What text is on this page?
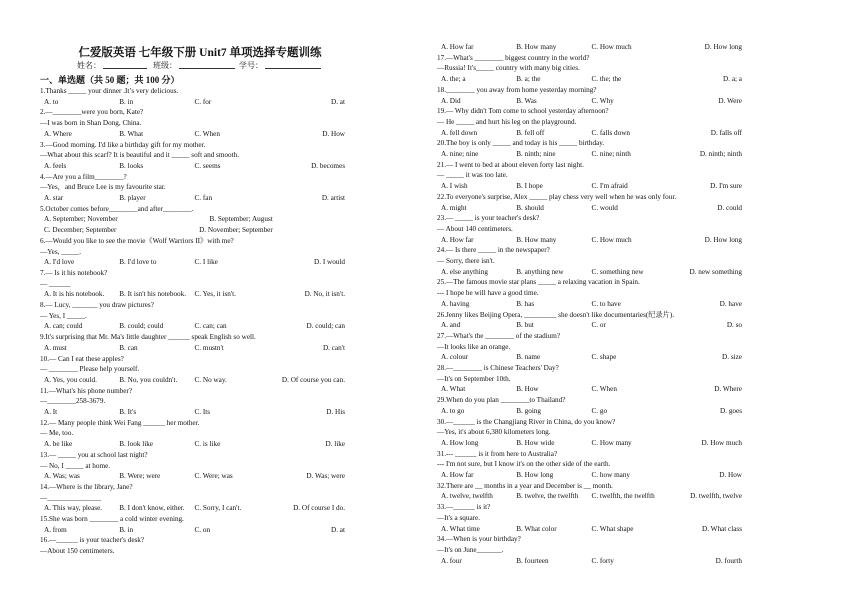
仁爱版英语 七年级下册 Unit7 单项选择专题训练
姓名：	班级：	学号：
一、单选题（共 50 题；共 100 分）
1.Thanks _____ your dinner .It’s very delicious.
A. to	B. in	C. for	D. at
2.—________were you born, Kate?
—I was born in Shan Dong, China.
A. Where	B. What	C. When	D. How
3.—Good morning. I'd like a birthday gift for my mother.
—What about this scarf? It is beautiful and it _____ soft and smooth.
A. feels	B. looks	C. seems	D. becomes
4.—Are you a film________?
—Yes，and Bruce Lee is my favourite star.
A. star	B. player	C. fan	D. artist
5.October comes before________and after________.
A. September; November	B. September; August
C. December; September	D. November; September
6.—Would you like to see the movie《Wolf Warriors II》with me?
—Yes, _____.
A. I'd love	B. I'd love to	C. I like	D. I would
7.— Is it his notebook?
— ______
A. It is his notebook.	B. It isn't his notebook.	C. Yes, it isn't.	D. No, it isn't.
8.— Lucy, _______ you draw pictures?
— Yes, I _____.
A. can; could	B. could; could	C. can; can	D. could; can
9.It's surprising that Mr. Ma's little daughter ______ speak English so well.
A. must	B. can	C. mustn't	D. can't
10.— Can I eat these apples?
— ________ Please help yourself.
A. Yes, you could.	B. No, you couldn't.	C. No way.	D. Of course you can.
11.—What's his phone number?
—________258-3679.
A. It	B. It's	C. Its	D. His
12.— Many people think Wei Fang ______ her mother.
— Me, too.
A. be like	B. look like	C. is like	D. like
13.— _____ you at school last night?
— No, I _____ at home.
A. Was; was	B. Were; were	C. Were; was	D. Was; were
14.—Where is the library, Jane?
—_______________
A. This way, please.	B. I don't know, either.	C. Sorry, I can't.	D. Of course I do.
15.She was born ________ a cold winter evening.
A. from	B. in	C. on	D. at
16.—______ is your teacher's desk?
—About 150 centimeters.
A. How far	B. How many	C. How much	D. How long
17.—What's ________ biggest country in the world?
—Russia! It's_____ country with many big cities.
A. the; a	B. a; the	C. the; the	D. a; a
18.________ you away from home yesterday morning?
A. Did	B. Was	C. Why	D. Were
19.— Why didn't Tom come to school yesterday afternoon?
— He _____ and hurt his leg on the playground.
A. fell down	B. fell off	C. falls down	D. falls off
20.The boy is only _____ and today is his _____ birthday.
A. nine; nine	B. ninth; nine	C. nine; ninth	D. ninth; ninth
21.— I went to bed at about eleven forty last night.
— _____ it was too late.
A. I wish	B. I hope	C. I'm afraid	D. I'm sure
22.To everyone's surprise, Alex _____ play chess very well when he was only four.
A. might	B. should	C. would	D. could
23.— _____ is your teacher's desk?
— About 140 centimeters.
A. How far	B. How many	C. How much	D. How long
24.— Is there _____ in the newspaper?
— Sorry, there isn't.
A. else anything	B. anything new	C. something new	D. new something
25.—The famous movie star plans _____ a relaxing vacation in Spain.
--- I hope he will have a good time.
A. having	B. has	C. to have	D. have
26.Jenny likes Beijing Opera, _________ she doesn't like documentaries(纪录片).
A. and	B. but	C. or	D. so
27.—What's the ________ of the stadium?
—It looks like an orange.
A. colour	B. name	C. shape	D. size
28.—________ is Chinese Teachers' Day?
—It's on September 10th.
A. What	B. How	C. When	D. Where
29.When do you plan ________to Thailand?
A. to go	B. going	C. go	D. goes
30.—______ is the Changjiang River in China, do you know?
—Yes, it's about 6,380 kilometers long.
A. How long	B. How wide	C. How many	D. How much
31.--- ______ is it from here to Australia?
--- I'm not sure, but I know it's on the other side of the earth.
A. How far	B. How long	C. how many	D. How
32.There are __ months in a year and December is __ month.
A. twelve, twelfth	B. twelve, the twelfth	C. twelfth, the twelfth	D. twelfth, twelve
33.—______ is it?
—It's a square.
A. What time	B. What color	C. What shape	D. What class
34.—When is your birthday?
—It's on June_______.
A. four	B. fourteen	C. forty	D. fourth
